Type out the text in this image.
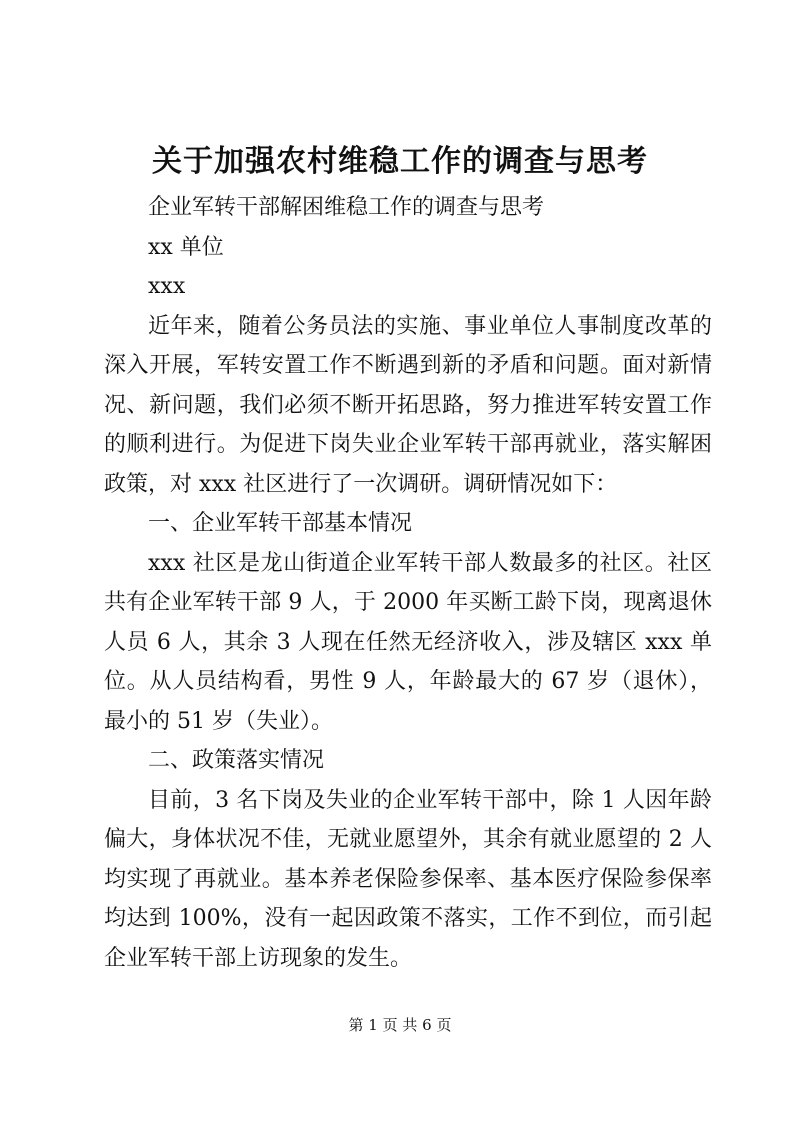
关于加强农村维稳工作的调查与思考

企业军转干部解困维稳工作的调查与思考

xx 单位

xxx

近年来，随着公务员法的实施、事业单位人事制度改革的深入开展，军转安置工作不断遇到新的矛盾和问题。面对新情况、新问题，我们必须不断开拓思路，努力推进军转安置工作的顺利进行。为促进下岗失业企业军转干部再就业，落实解困政策，对 xxx 社区进行了一次调研。调研情况如下：

一、企业军转干部基本情况

xxx 社区是龙山街道企业军转干部人数最多的社区。社区共有企业军转干部 9 人，于 2000 年买断工龄下岗，现离退休人员 6 人，其余 3 人现在任然无经济收入，涉及辖区 xxx 单位。从人员结构看，男性 9 人，年龄最大的 67 岁（退休），最小的 51 岁（失业）。

二、政策落实情况

目前，3 名下岗及失业的企业军转干部中，除 1 人因年龄偏大，身体状况不佳，无就业愿望外，其余有就业愿望的 2 人均实现了再就业。基本养老保险参保率、基本医疗保险参保率均达到 100%，没有一起因政策不落实，工作不到位，而引起企业军转干部上访现象的发生。

第 1 页 共 6 页
